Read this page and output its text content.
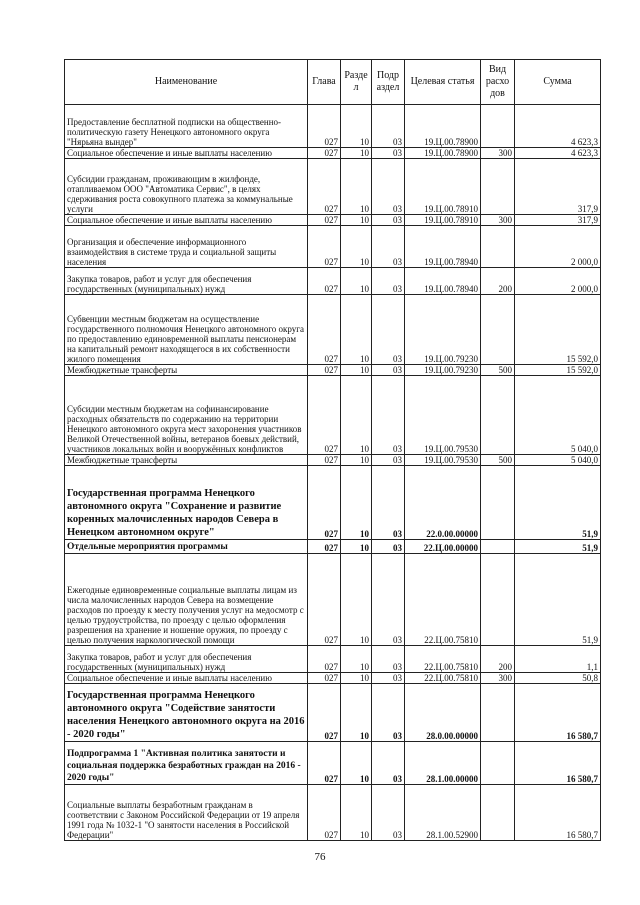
Наименование	Глава	Разде л	Подр аздел	Целевая статья	Вид расхо дов	Сумма
Предоставление бесплатной подписки на общественно-политическую газету Ненецкого автономного округа "Нярьяна вындер"	027	10	03	19.Ц.00.78900		4 623,3
Социальное обеспечение и иные выплаты населению	027	10	03	19.Ц.00.78900	300	4 623,3
Субсидии гражданам, проживающим в жилфонде, отапливаемом ООО "Автоматика Сервис", в целях сдерживания роста совокупного платежа за коммунальные услуги	027	10	03	19.Ц.00.78910		317,9
Социальное обеспечение и иные выплаты населению	027	10	03	19.Ц.00.78910	300	317,9
Организация и обеспечение информационного взаимодействия в системе труда и социальной защиты населения	027	10	03	19.Ц.00.78940		2 000,0
Закупка товаров, работ и услуг для обеспечения государственных (муниципальных) нужд	027	10	03	19.Ц.00.78940	200	2 000,0
Субвенции местным бюджетам на осуществление государственного полномочия Ненецкого автономного округа по предоставлению единовременной выплаты пенсионерам на капитальный ремонт находящегося в их собственности жилого помещения	027	10	03	19.Ц.00.79230		15 592,0
Межбюджетные трансферты	027	10	03	19.Ц.00.79230	500	15 592,0
Субсидии местным бюджетам на софинансирование расходных обязательств по содержанию на территории Ненецкого автономного округа мест захоронения участников Великой Отечественной войны, ветеранов боевых действий, участников локальных войн и вооружённых конфликтов	027	10	03	19.Ц.00.79530		5 040,0
Межбюджетные трансферты	027	10	03	19.Ц.00.79530	500	5 040,0
Государственная программа Ненецкого автономного округа "Сохранение и развитие коренных малочисленных народов Севера в Ненецком автономном округе"	027	10	03	22.0.00.00000		51,9
Отдельные мероприятия программы	027	10	03	22.Ц.00.00000		51,9
Ежегодные единовременные социальные выплаты лицам из числа малочисленных народов Севера на возмещение расходов по проезду к месту получения услуг на медосмотр с целью трудоустройства, по проезду с целью оформления разрешения на хранение и ношение оружия, по проезду с целью получения наркологической помощи	027	10	03	22.Ц.00.75810		51,9
Закупка товаров, работ и услуг для обеспечения государственных (муниципальных) нужд	027	10	03	22.Ц.00.75810	200	1,1
Социальное обеспечение и иные выплаты населению	027	10	03	22.Ц.00.75810	300	50,8
Государственная программа Ненецкого автономного округа "Содействие занятости населения Ненецкого автономного округа на 2016 - 2020 годы"	027	10	03	28.0.00.00000		16 580,7
Подпрограмма 1 "Активная политика занятости и социальная поддержка безработных граждан на 2016 - 2020 годы"	027	10	03	28.1.00.00000		16 580,7
Социальные выплаты безработным гражданам в соответствии с Законом Российской Федерации от 19 апреля 1991 года № 1032-1 "О занятости населения в Российской Федерации"	027	10	03	28.1.00.52900		16 580,7
76
